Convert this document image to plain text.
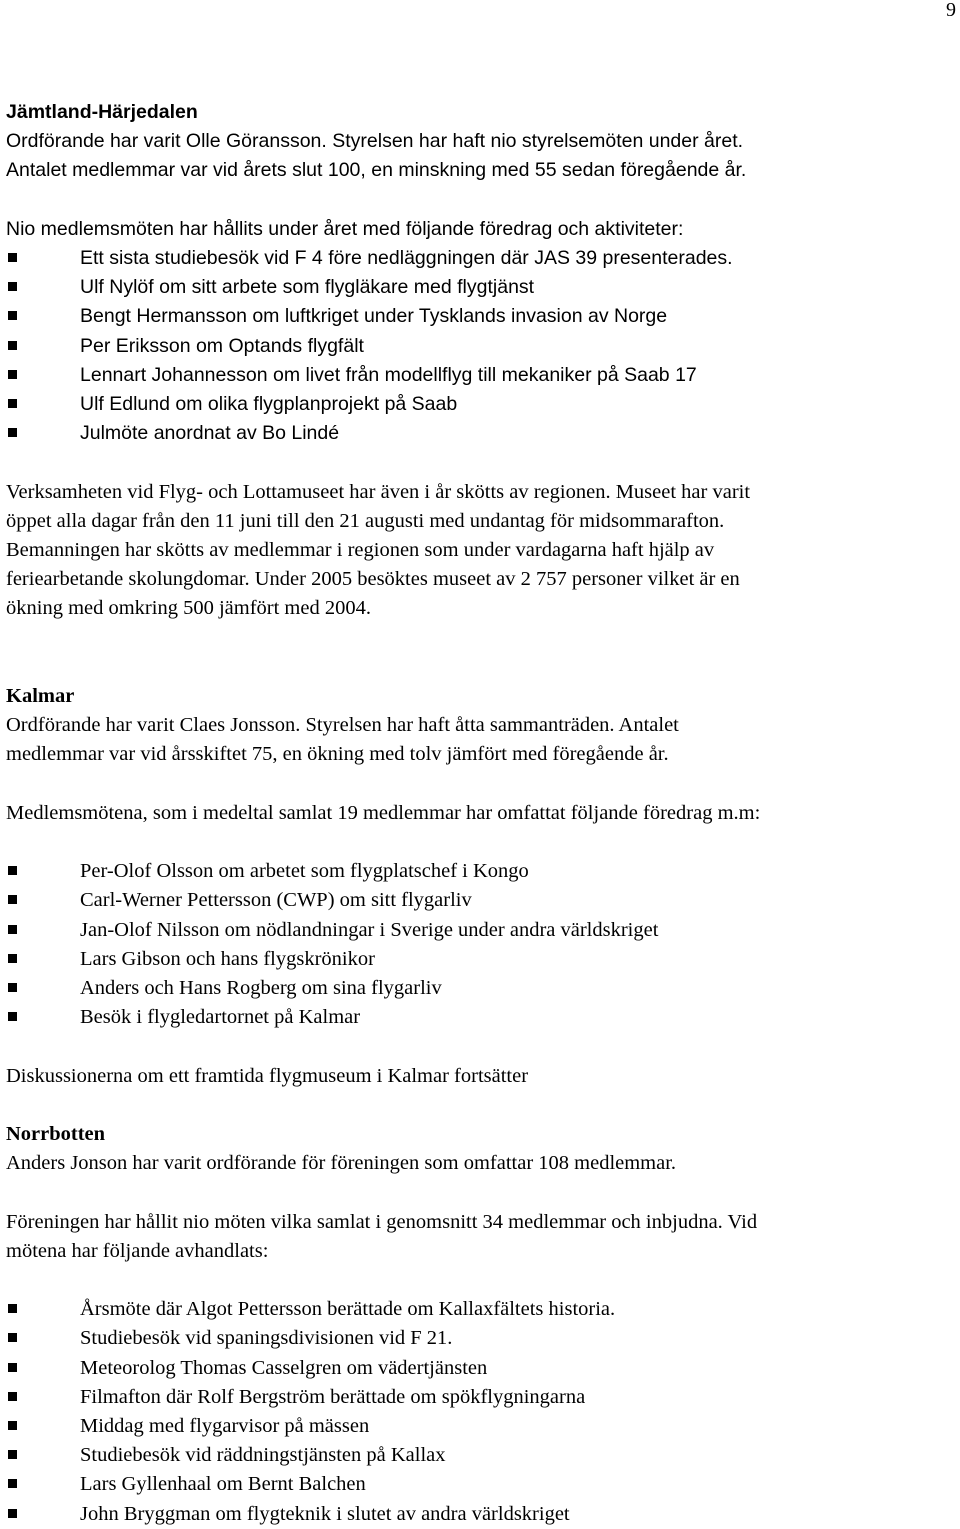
9
Jämtland-Härjedalen

Ordförande har varit Olle Göransson. Styrelsen har haft nio styrelsemöten under året.

Antalet medlemmar var vid årets slut 100, en minskning med 55 sedan föregående år.

Nio medlemsmöten har hållits under året med följande föredrag och aktiviteter:

Ett sista studiebesök vid F 4 före nedläggningen där JAS 39 presenterades.
Ulf Nylöf om sitt arbete som flygläkare med flygtjänst
Bengt Hermansson om luftkriget under Tysklands invasion av Norge
Per Eriksson om Optands flygfält
Lennart Johannesson om livet från modellflyg till mekaniker på Saab 17
Ulf Edlund om olika flygplanprojekt på Saab
Julmöte anordnat av Bo Lindé

Verksamheten vid Flyg- och Lottamuseet har även i år skötts av regionen. Museet har varit

öppet alla dagar från den 11 juni till den 21 augusti med undantag för midsommarafton.

Bemanningen har skötts av medlemmar i regionen som under vardagarna haft hjälp av

feriearbetande skolungdomar. Under 2005 besöktes museet av 2 757 personer vilket är en

ökning med omkring 500 jämfört med 2004.

Kalmar

Ordförande har varit Claes Jonsson. Styrelsen har haft åtta sammanträden. Antalet

medlemmar var vid årsskiftet 75, en ökning med tolv jämfört med föregående år.

Medlemsmötena, som i medeltal samlat 19 medlemmar har omfattat följande föredrag m.m:

Per-Olof Olsson om arbetet som flygplatschef i Kongo
Carl-Werner Pettersson (CWP) om sitt flygarliv
Jan-Olof Nilsson om nödlandningar i Sverige under andra världskriget
Lars Gibson och hans flygskrönikor
Anders och Hans Rogberg om sina flygarliv
Besök i flygledartornet på Kalmar

Diskussionerna om ett framtida flygmuseum i Kalmar fortsätter

Norrbotten

Anders Jonson har varit ordförande för föreningen som omfattar 108 medlemmar.

Föreningen har hållit nio möten vilka samlat i genomsnitt 34 medlemmar och inbjudna. Vid

mötena har följande avhandlats:

Årsmöte där Algot Pettersson berättade om Kallaxfältets historia.
Studiebesök vid spaningsdivisionen vid F 21.
Meteorolog Thomas Casselgren om vädertjänsten
Filmafton där Rolf Bergström berättade om spökflygningarna
Middag med flygarvisor på mässen
Studiebesök vid räddningstjänsten på Kallax
Lars Gyllenhaal om Bernt Balchen
John Bryggman om flygteknik i slutet av andra världskriget
